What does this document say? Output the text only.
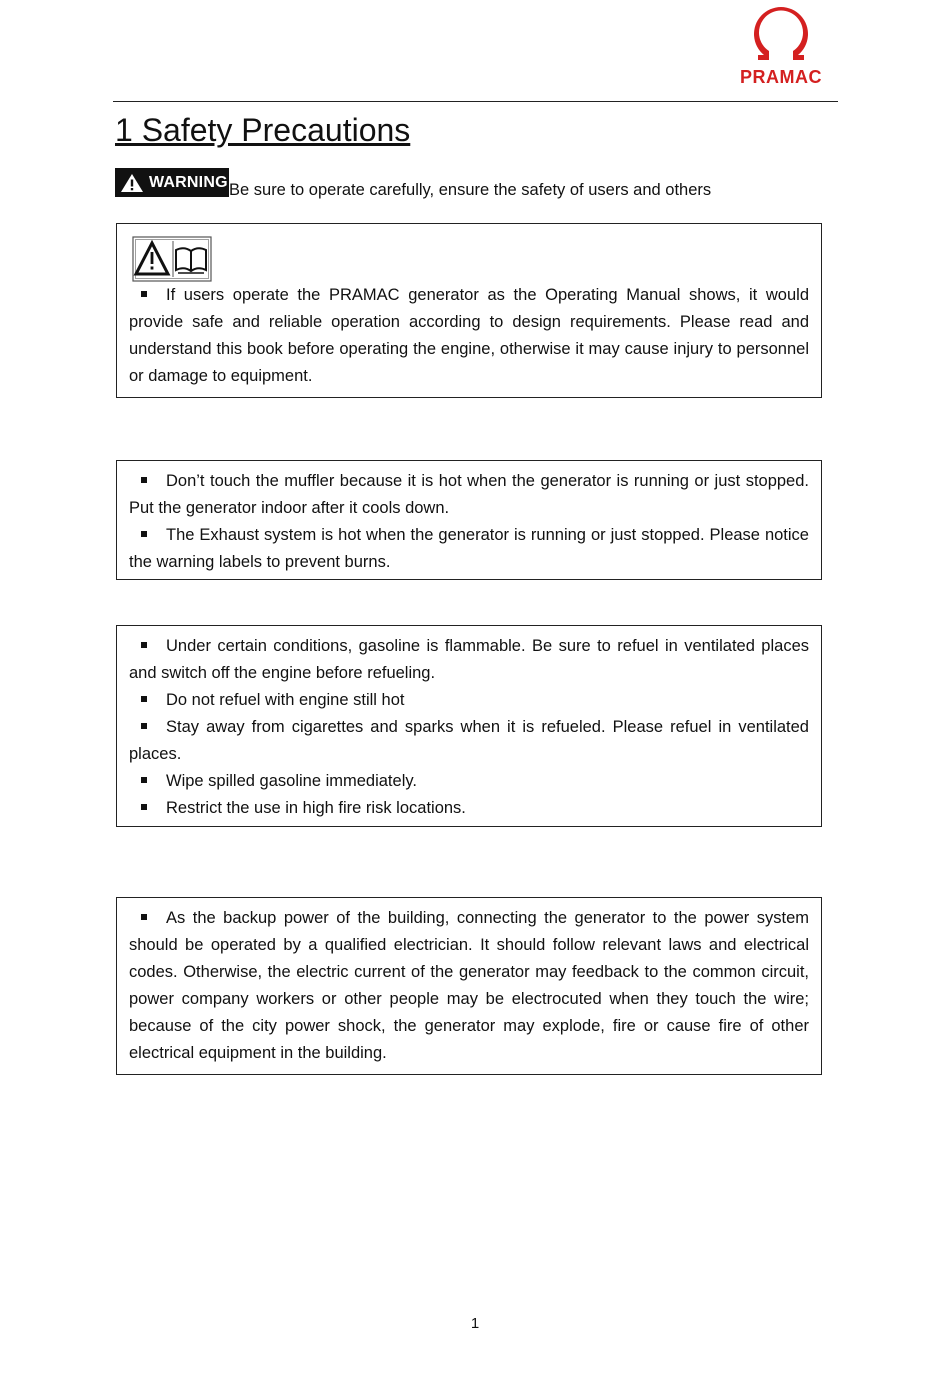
PRAMAC
1 Safety Precautions
WARNING Be sure to operate carefully, ensure the safety of users and others

If users operate the PRAMAC generator as the Operating Manual shows, it would provide safe and reliable operation according to design requirements. Please read and understand this book before operating the engine, otherwise it may cause injury to personnel or damage to equipment.

Don’t touch the muffler because it is hot when the generator is running or just stopped. Put the generator indoor after it cools down.

The Exhaust system is hot when the generator is running or just stopped. Please notice the warning labels to prevent burns.

Under certain conditions, gasoline is flammable. Be sure to refuel in ventilated places and switch off the engine before refueling.

Do not refuel with engine still hot

Stay away from cigarettes and sparks when it is refueled. Please refuel in ventilated places.

Wipe spilled gasoline immediately.

Restrict the use in high fire risk locations.

As the backup power of the building, connecting the generator to the power system should be operated by a qualified electrician. It should follow relevant laws and electrical codes. Otherwise, the electric current of the generator may feedback to the common circuit, power company workers or other people may be electrocuted when they touch the wire; because of the city power shock, the generator may explode, fire or cause fire of other electrical equipment in the building.

1
